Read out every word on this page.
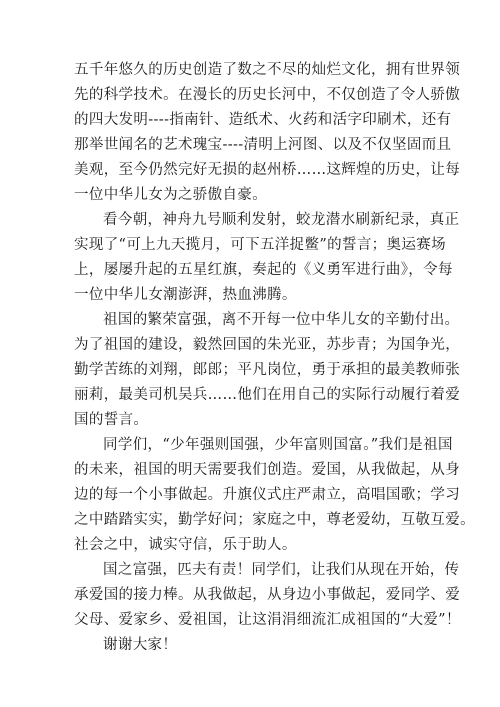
五千年悠久的历史创造了数之不尽的灿烂文化，拥有世界领
先的科学技术。在漫长的历史长河中，不仅创造了令人骄傲
的四大发明----指南针、造纸术、火药和活字印刷术，还有
那举世闻名的艺术瑰宝----清明上河图、以及不仅坚固而且
美观，至今仍然完好无损的赵州桥……这辉煌的历史，让每
一位中华儿女为之骄傲自豪。
看今朝，神舟九号顺利发射，蛟龙潜水刷新纪录，真正
实现了“可上九天揽月，可下五洋捉鳖”的誓言；奥运赛场
上，屡屡升起的五星红旗，奏起的《义勇军进行曲》，令每
一位中华儿女潮澎湃，热血沸腾。
祖国的繁荣富强，离不开每一位中华儿女的辛勤付出。
为了祖国的建设，毅然回国的朱光亚，苏步青；为国争光，
勤学苦练的刘翔，郎郎；平凡岗位，勇于承担的最美教师张
丽莉，最美司机吴兵……他们在用自己的实际行动履行着爱
国的誓言。
同学们，“少年强则国强，少年富则国富。”我们是祖国
的未来，祖国的明天需要我们创造。爱国，从我做起，从身
边的每一个小事做起。升旗仪式庄严肃立，高唱国歌；学习
之中踏踏实实，勤学好问；家庭之中，尊老爱幼，互敬互爱。
社会之中，诚实守信，乐于助人。
国之富强，匹夫有责！同学们，让我们从现在开始，传
承爱国的接力棒。从我做起，从身边小事做起，爱同学、爱
父母、爱家乡、爱祖国，让这涓涓细流汇成祖国的“大爱”！
谢谢大家！
